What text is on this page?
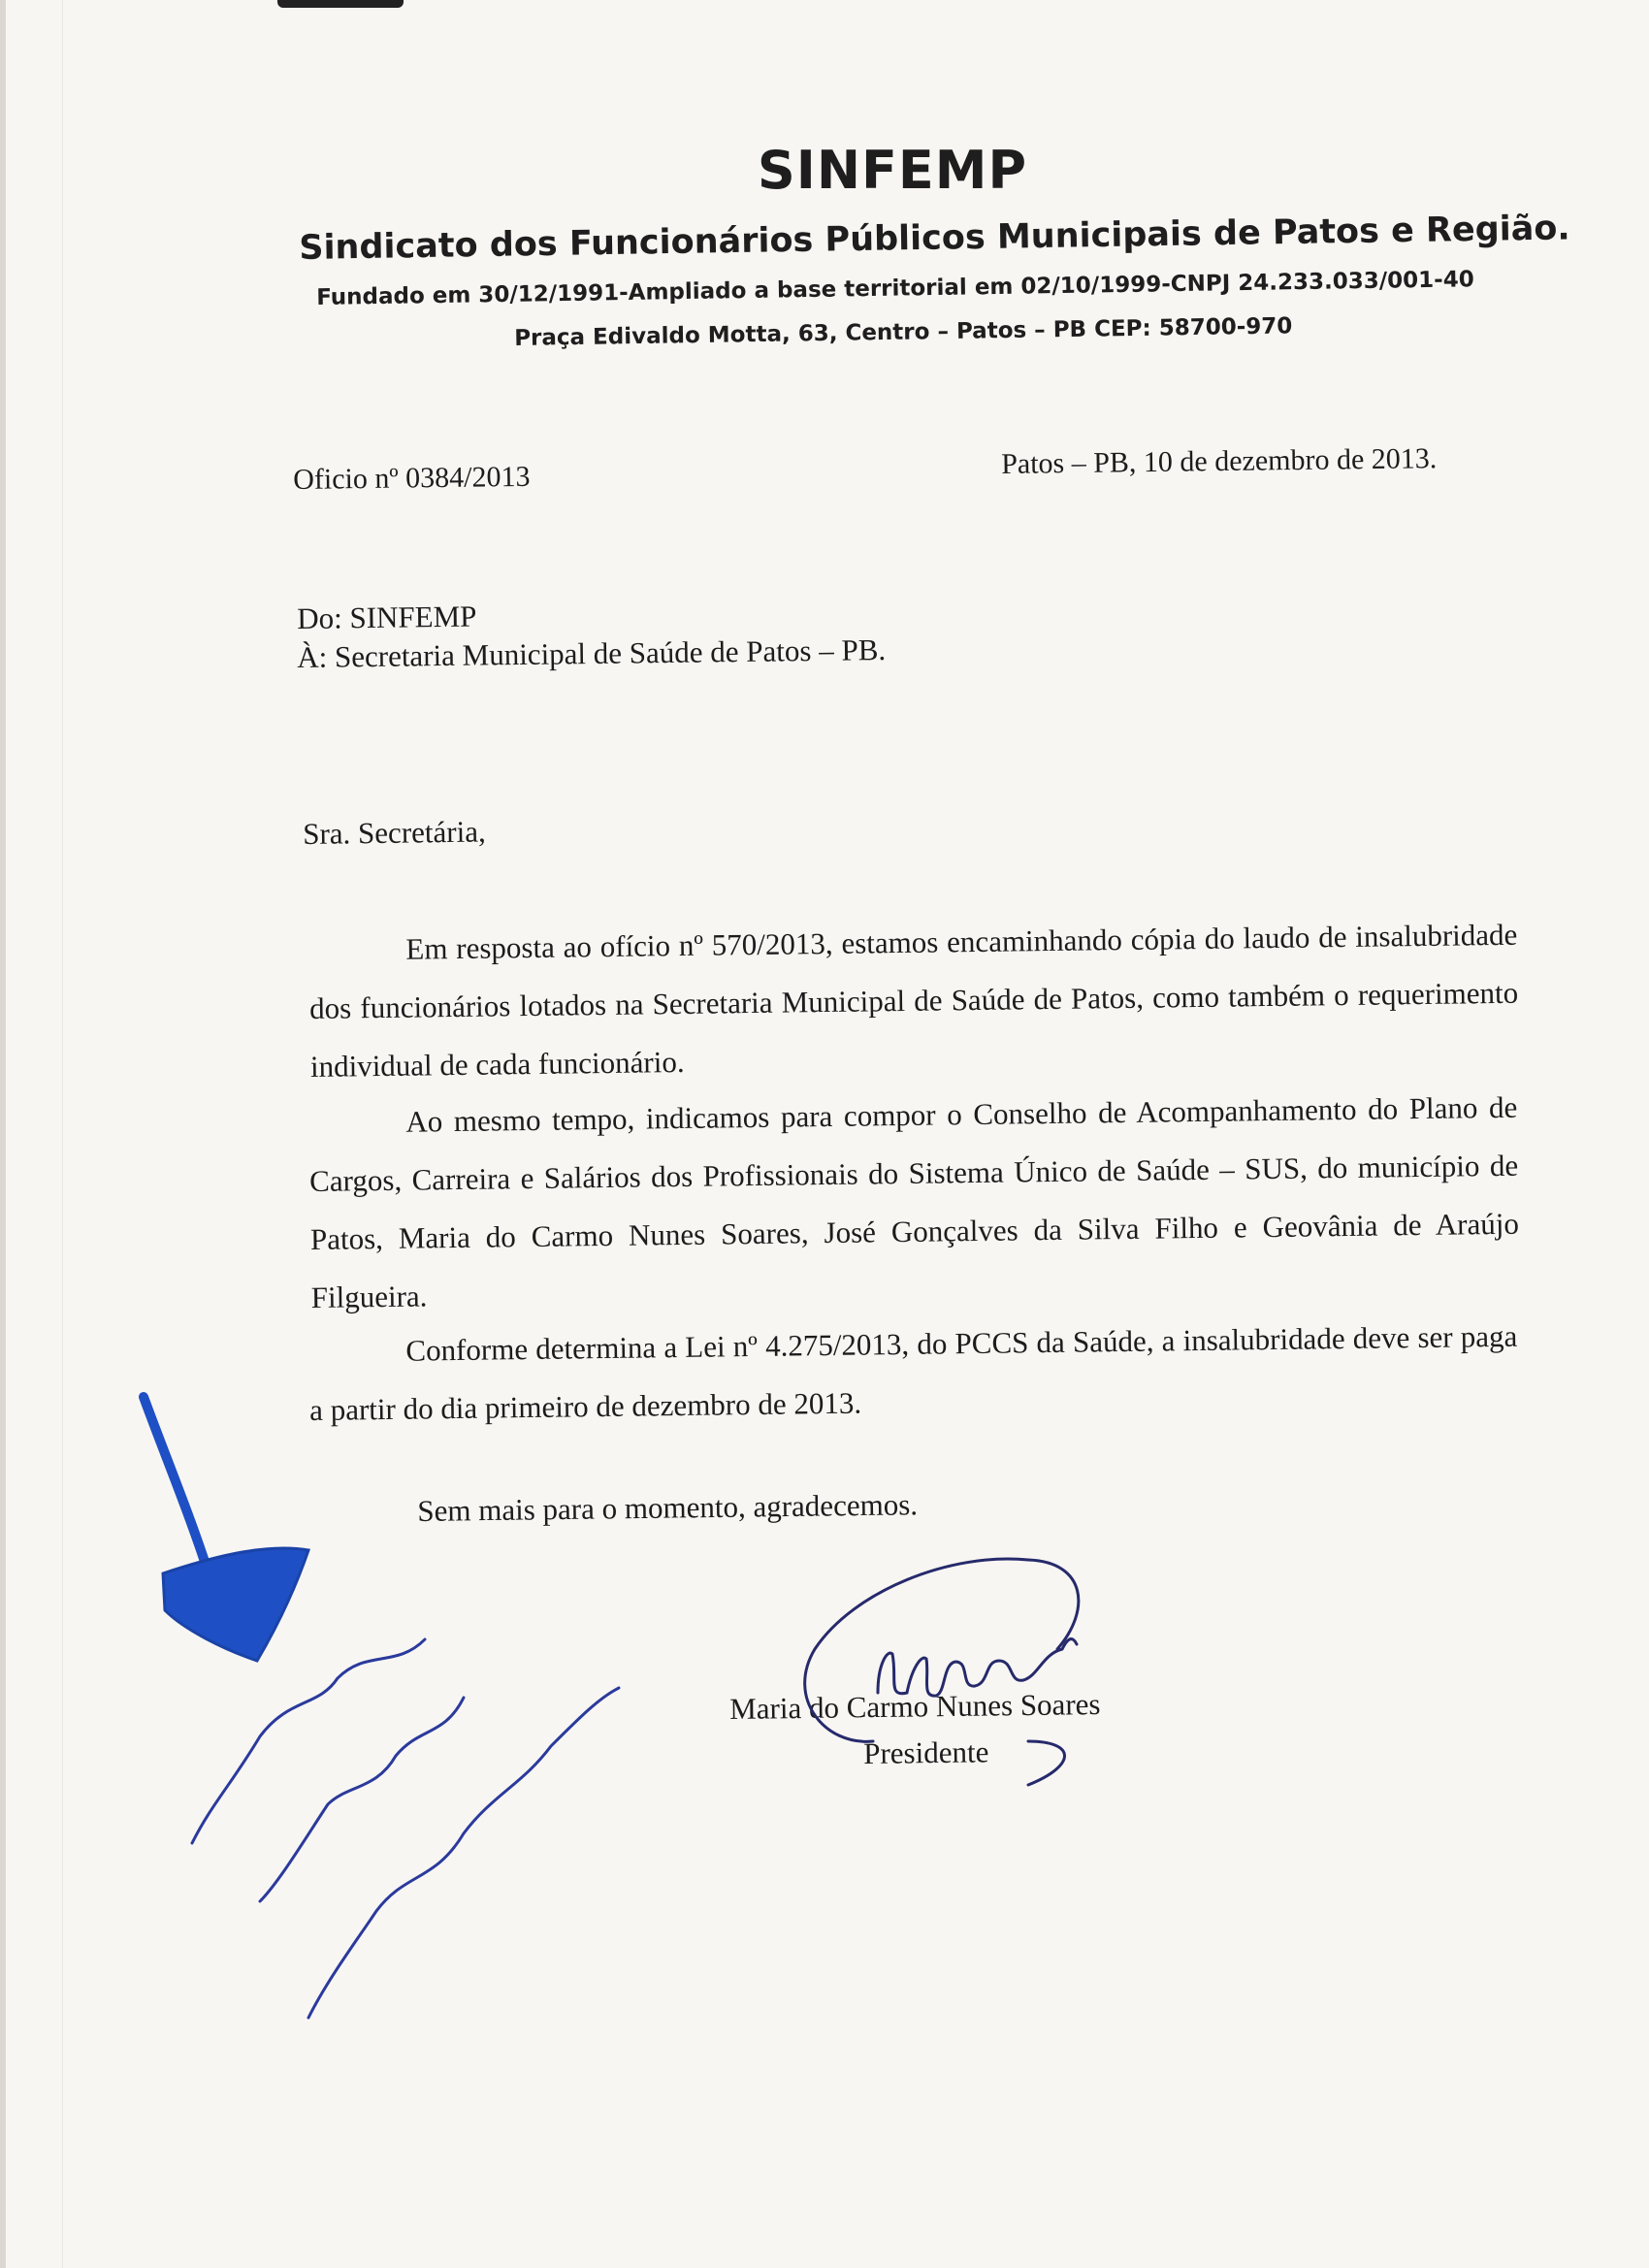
SINFEMP
Sindicato dos Funcionários Públicos Municipais de Patos e Região.
Fundado em 30/12/1991-Ampliado a base territorial em 02/10/1999-CNPJ 24.233.033/001-40
Praça Edivaldo Motta, 63, Centro – Patos – PB CEP: 58700-970
Oficio nº 0384/2013	Patos – PB, 10 de dezembro de 2013.
Do: SINFEMP
À: Secretaria Municipal de Saúde de Patos – PB.
Sra. Secretária,
Em resposta ao ofício nº 570/2013, estamos encaminhando cópia do laudo de insalubridade dos funcionários lotados na Secretaria Municipal de Saúde de Patos, como também o requerimento individual de cada funcionário.
Ao mesmo tempo, indicamos para compor o Conselho de Acompanhamento do Plano de Cargos, Carreira e Salários dos Profissionais do Sistema Único de Saúde – SUS, do município de Patos, Maria do Carmo Nunes Soares, José Gonçalves da Silva Filho e Geovânia de Araújo Filgueira.
Conforme determina a Lei nº 4.275/2013, do PCCS da Saúde, a insalubridade deve ser paga a partir do dia primeiro de dezembro de 2013.
Sem mais para o momento, agradecemos.
Maria do Carmo Nunes Soares
Presidente
